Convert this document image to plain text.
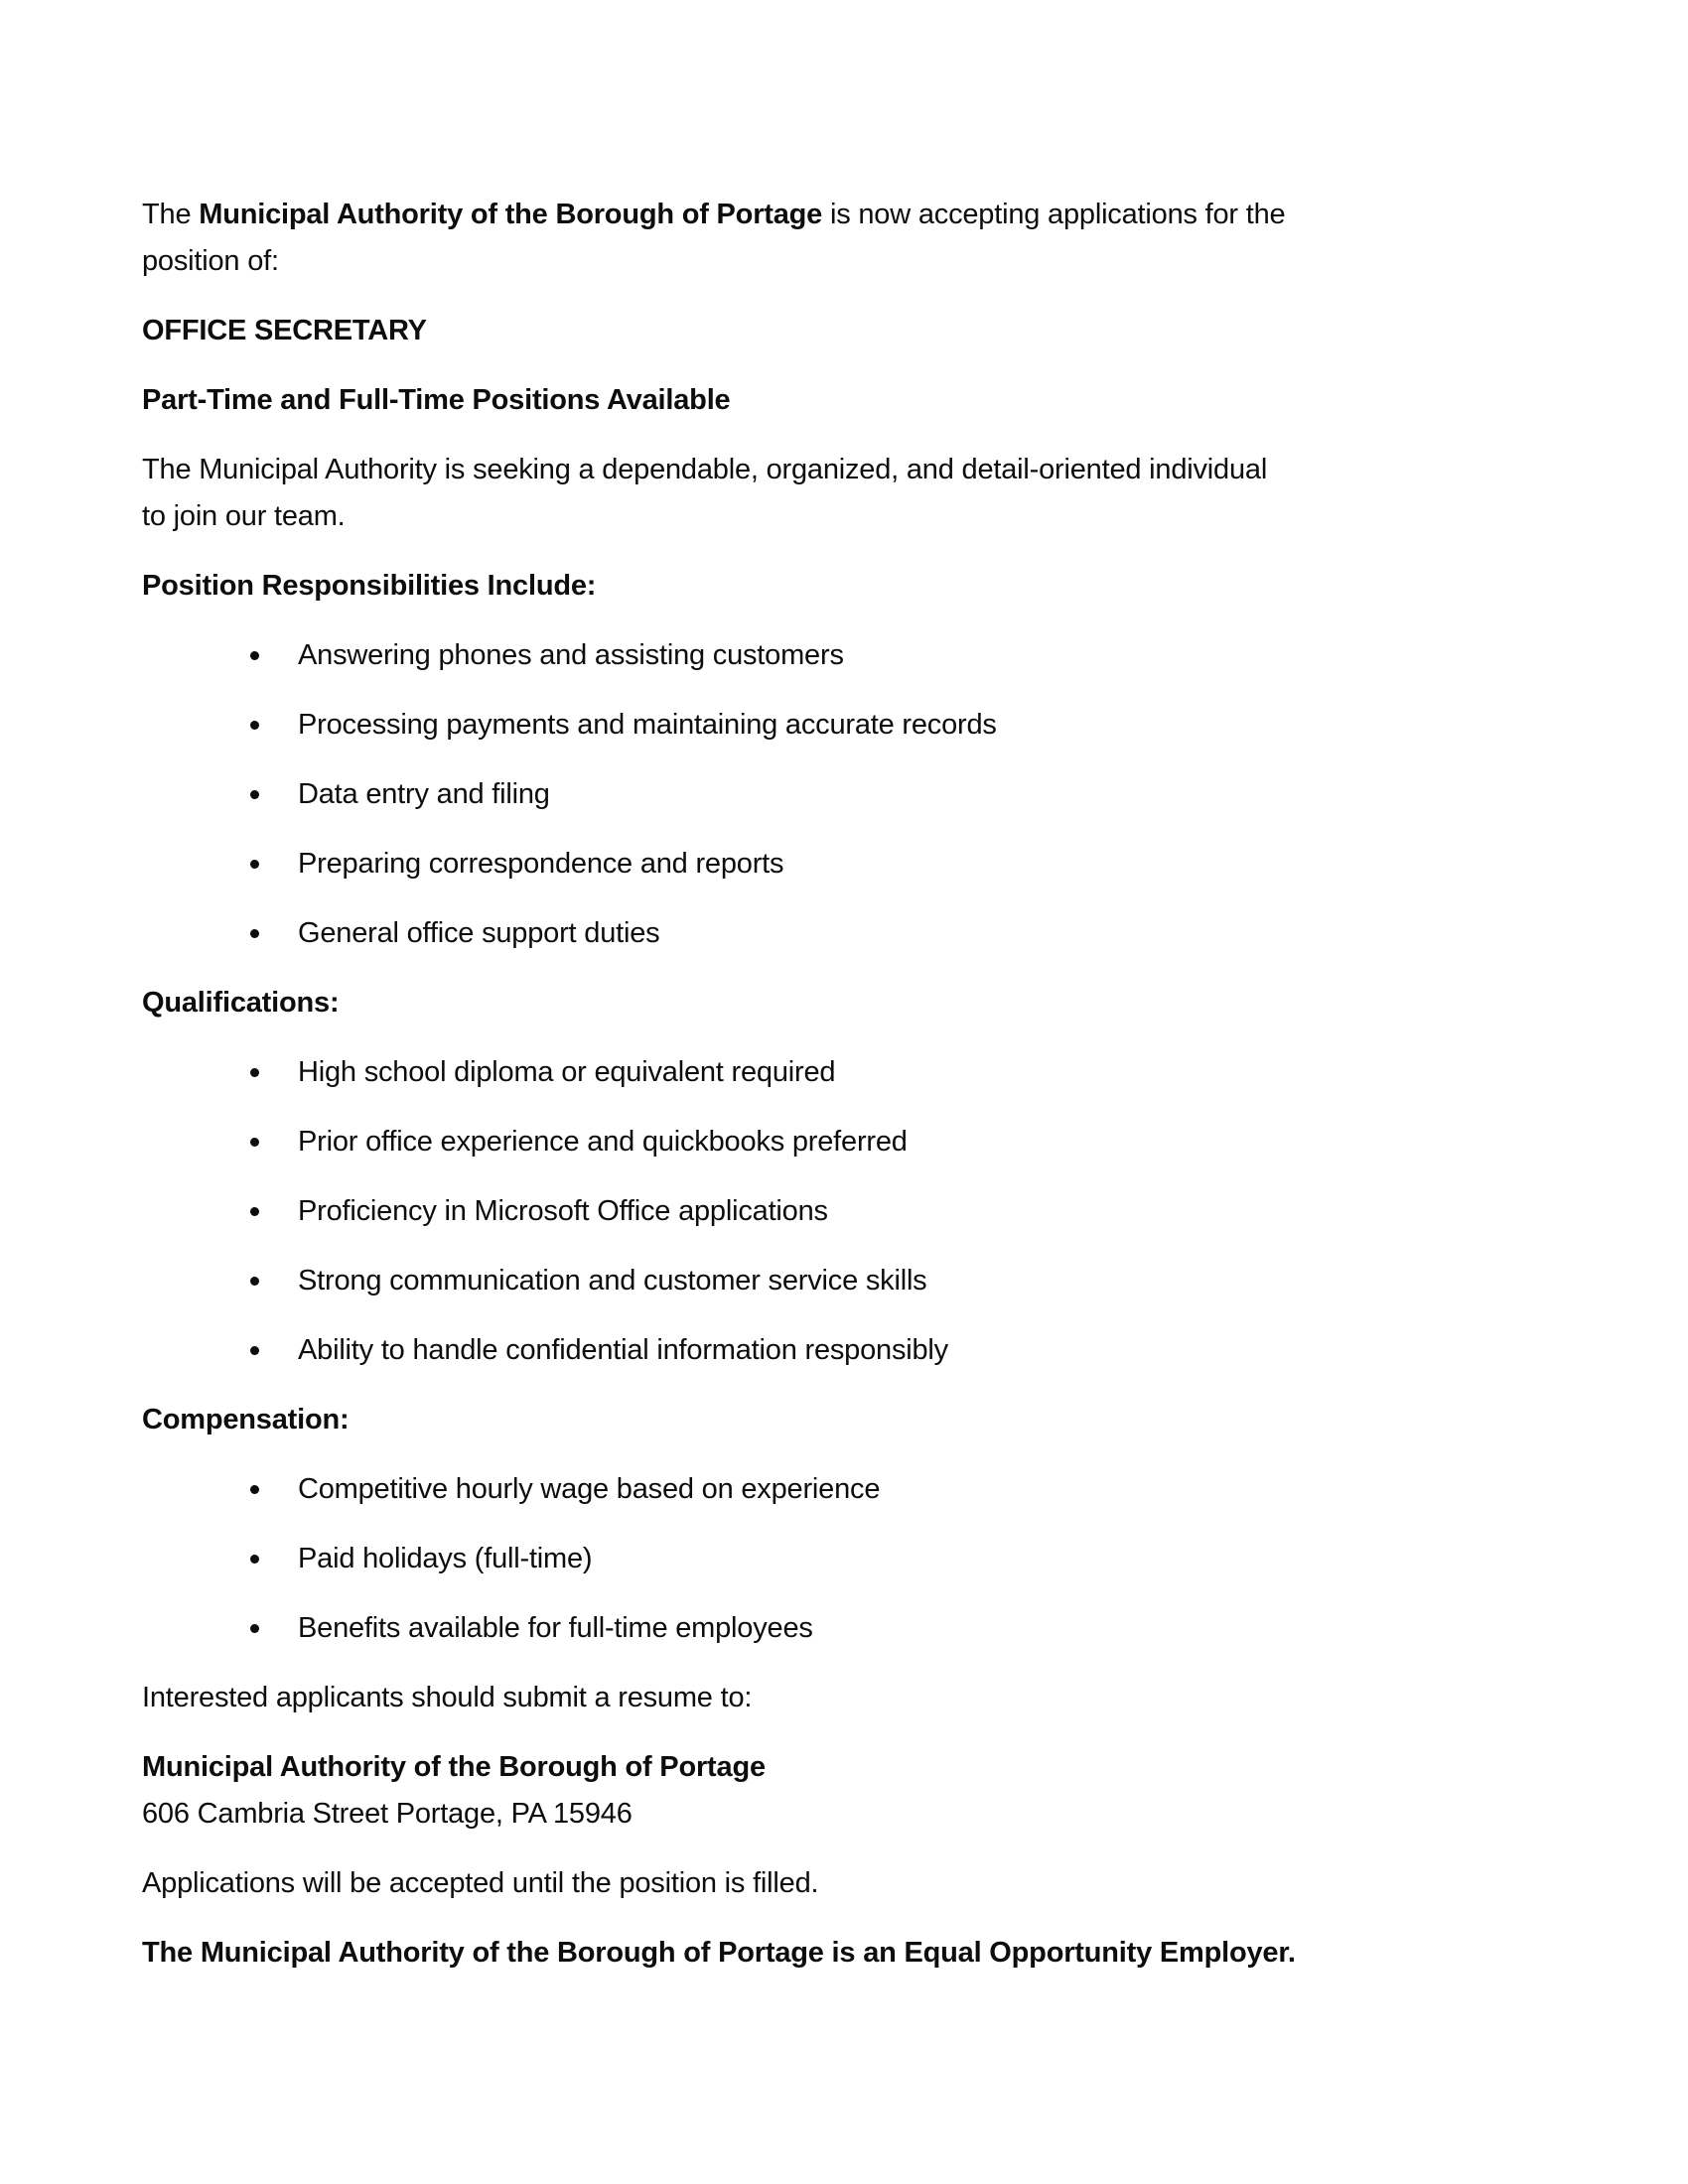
The Municipal Authority of the Borough of Portage is now accepting applications for the
position of:

OFFICE SECRETARY

Part-Time and Full-Time Positions Available

The Municipal Authority is seeking a dependable, organized, and detail-oriented individual
to join our team.

Position Responsibilities Include:

Answering phones and assisting customers
Processing payments and maintaining accurate records
Data entry and filing
Preparing correspondence and reports
General office support duties

Qualifications:

High school diploma or equivalent required
Prior office experience and quickbooks preferred
Proficiency in Microsoft Office applications
Strong communication and customer service skills
Ability to handle confidential information responsibly

Compensation:

Competitive hourly wage based on experience
Paid holidays (full-time)
Benefits available for full-time employees

Interested applicants should submit a resume to:

Municipal Authority of the Borough of Portage
606 Cambria Street Portage, PA 15946

Applications will be accepted until the position is filled.

The Municipal Authority of the Borough of Portage is an Equal Opportunity Employer.
